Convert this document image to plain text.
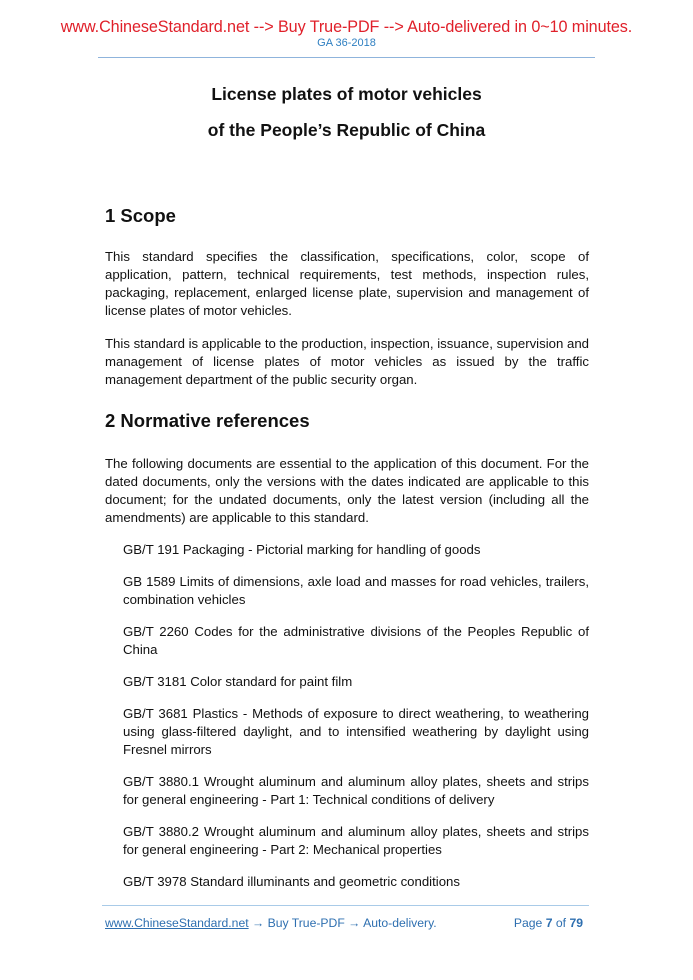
www.ChineseStandard.net --> Buy True-PDF --> Auto-delivered in 0~10 minutes.
GA 36-2018
License plates of motor vehicles
of the People’s Republic of China
1 Scope
This standard specifies the classification, specifications, color, scope of application, pattern, technical requirements, test methods, inspection rules, packaging, replacement, enlarged license plate, supervision and management of license plates of motor vehicles.
This standard is applicable to the production, inspection, issuance, supervision and management of license plates of motor vehicles as issued by the traffic management department of the public security organ.
2 Normative references
The following documents are essential to the application of this document. For the dated documents, only the versions with the dates indicated are applicable to this document; for the undated documents, only the latest version (including all the amendments) are applicable to this standard.
GB/T 191 Packaging - Pictorial marking for handling of goods
GB 1589 Limits of dimensions, axle load and masses for road vehicles, trailers, combination vehicles
GB/T 2260 Codes for the administrative divisions of the Peoples Republic of China
GB/T 3181 Color standard for paint film
GB/T 3681 Plastics - Methods of exposure to direct weathering, to weathering using glass-filtered daylight, and to intensified weathering by daylight using Fresnel mirrors
GB/T 3880.1 Wrought aluminum and aluminum alloy plates, sheets and strips for general engineering - Part 1: Technical conditions of delivery
GB/T 3880.2 Wrought aluminum and aluminum alloy plates, sheets and strips for general engineering - Part 2: Mechanical properties
GB/T 3978 Standard illuminants and geometric conditions
www.ChineseStandard.net → Buy True-PDF → Auto-delivery.	Page 7 of 79
